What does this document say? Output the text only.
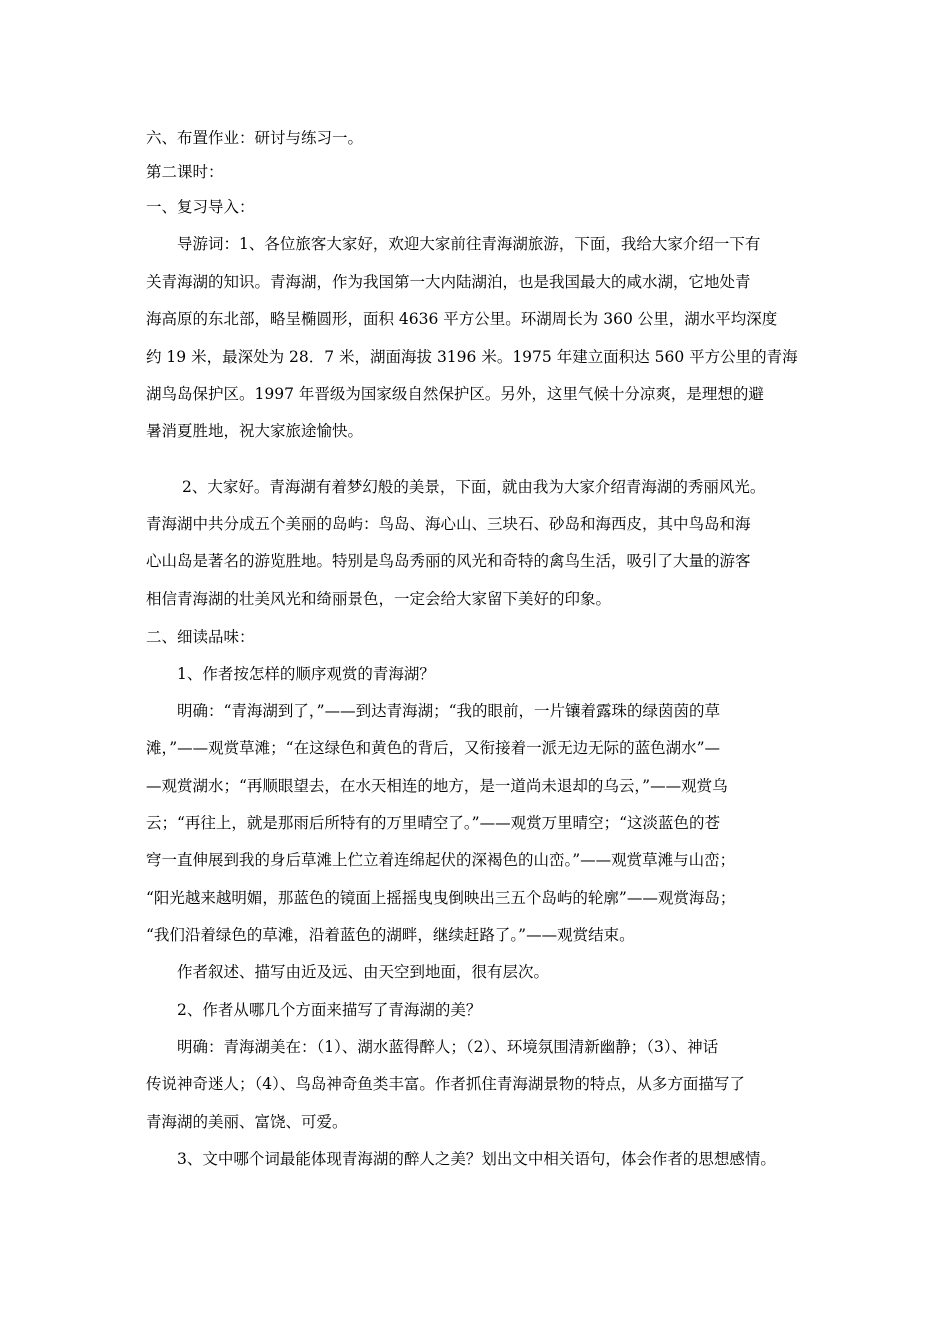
六、布置作业：研讨与练习一。
第二课时：
一、复习导入：
导游词：1、各位旅客大家好，欢迎大家前往青海湖旅游，下面，我给大家介绍一下有
关青海湖的知识。青海湖，作为我国第一大内陆湖泊，也是我国最大的咸水湖，它地处青
海高原的东北部，略呈椭圆形，面积 4636 平方公里。环湖周长为 360 公里，湖水平均深度
约 19 米，最深处为 28．7 米，湖面海拔 3196 米。1975 年建立面积达 560 平方公里的青海
湖鸟岛保护区。1997 年晋级为国家级自然保护区。另外，这里气候十分凉爽，是理想的避
暑消夏胜地，祝大家旅途愉快。
2、大家好。青海湖有着梦幻般的美景，下面，就由我为大家介绍青海湖的秀丽风光。
青海湖中共分成五个美丽的岛屿：鸟岛、海心山、三块石、砂岛和海西皮，其中鸟岛和海
心山岛是著名的游览胜地。特别是鸟岛秀丽的风光和奇特的禽鸟生活，吸引了大量的游客
相信青海湖的壮美风光和绮丽景色，一定会给大家留下美好的印象。
二、细读品味：
1、作者按怎样的顺序观赏的青海湖？
明确：“青海湖到了，”——到达青海湖；“我的眼前，一片镶着露珠的绿茵茵的草
滩，”——观赏草滩；“在这绿色和黄色的背后，又衔接着一派无边无际的蓝色湖水”—
—观赏湖水；“再顺眼望去，在水天相连的地方，是一道尚未退却的乌云，”——观赏乌
云；“再往上，就是那雨后所特有的万里晴空了。”——观赏万里晴空；“这淡蓝色的苍
穹一直伸展到我的身后草滩上伫立着连绵起伏的深褐色的山峦。”——观赏草滩与山峦；
“阳光越来越明媚，那蓝色的镜面上摇摇曳曳倒映出三五个岛屿的轮廓”——观赏海岛；
“我们沿着绿色的草滩，沿着蓝色的湖畔，继续赶路了。”——观赏结束。
作者叙述、描写由近及远、由天空到地面，很有层次。
2、作者从哪几个方面来描写了青海湖的美？
明确：青海湖美在：（1）、湖水蓝得醉人；（2）、环境氛围清新幽静；（3）、神话
传说神奇迷人；（4）、鸟岛神奇鱼类丰富。作者抓住青海湖景物的特点，从多方面描写了
青海湖的美丽、富饶、可爱。
3、文中哪个词最能体现青海湖的醉人之美？划出文中相关语句，体会作者的思想感情。
